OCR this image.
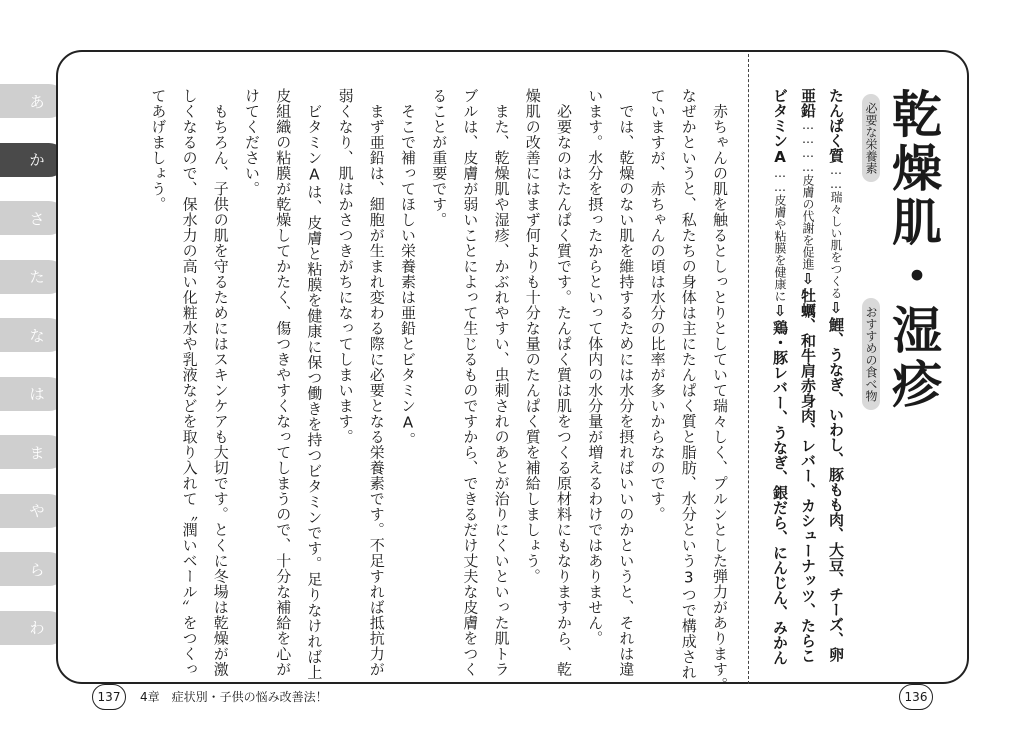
あ
か
さ
た
な
は
ま
や
ら
わ
乾燥肌・湿疹
必要な栄養素
おすすめの食べ物
たんぱく質……瑞々しい肌をつくる⇩鯉、うなぎ、いわし、豚もも肉、大豆、チーズ、卵
亜鉛…………皮膚の代謝を促進⇩牡蠣、和牛肩赤身肉、レバー、カシューナッツ、たらこ
ビタミンA……皮膚や粘膜を健康に⇩鶏・豚レバー、うなぎ、銀だら、にんじん、みかん
　赤ちゃんの肌を触るとしっとりとしていて瑞々しく、プルンとした弾力があります。
なぜかというと、私たちの身体は主にたんぱく質と脂肪、水分という3つで構成され
ていますが、赤ちゃんの頃は水分の比率が多いからなのです。
　では、乾燥のない肌を維持するためには水分を摂ればいいのかというと、それは違
います。水分を摂ったからといって体内の水分量が増えるわけではありません。
　必要なのはたんぱく質です。たんぱく質は肌をつくる原材料にもなりますから、乾
燥肌の改善にはまず何よりも十分な量のたんぱく質を補給しましょう。
　また、乾燥肌や湿疹、かぶれやすい、虫刺されのあとが治りにくいといった肌トラ
ブルは、皮膚が弱いことによって生じるものですから、できるだけ丈夫な皮膚をつく
ることが重要です。
　そこで補ってほしい栄養素は亜鉛とビタミンA。
　まず亜鉛は、細胞が生まれ変わる際に必要となる栄養素です。不足すれば抵抗力が
弱くなり、肌はかさつきがちになってしまいます。
　ビタミンAは、皮膚と粘膜を健康に保つ働きを持つビタミンです。足りなければ上
皮組織の粘膜が乾燥してかたく、傷つきやすくなってしまうので、十分な補給を心が
けてください。
　もちろん、子供の肌を守るためにはスキンケアも大切です。とくに冬場は乾燥が激
しくなるので、保水力の高い化粧水や乳液などを取り入れて〝潤いベール〟をつくっ
てあげましょう。
137	4章　症状別・子供の悩み改善法！	136
